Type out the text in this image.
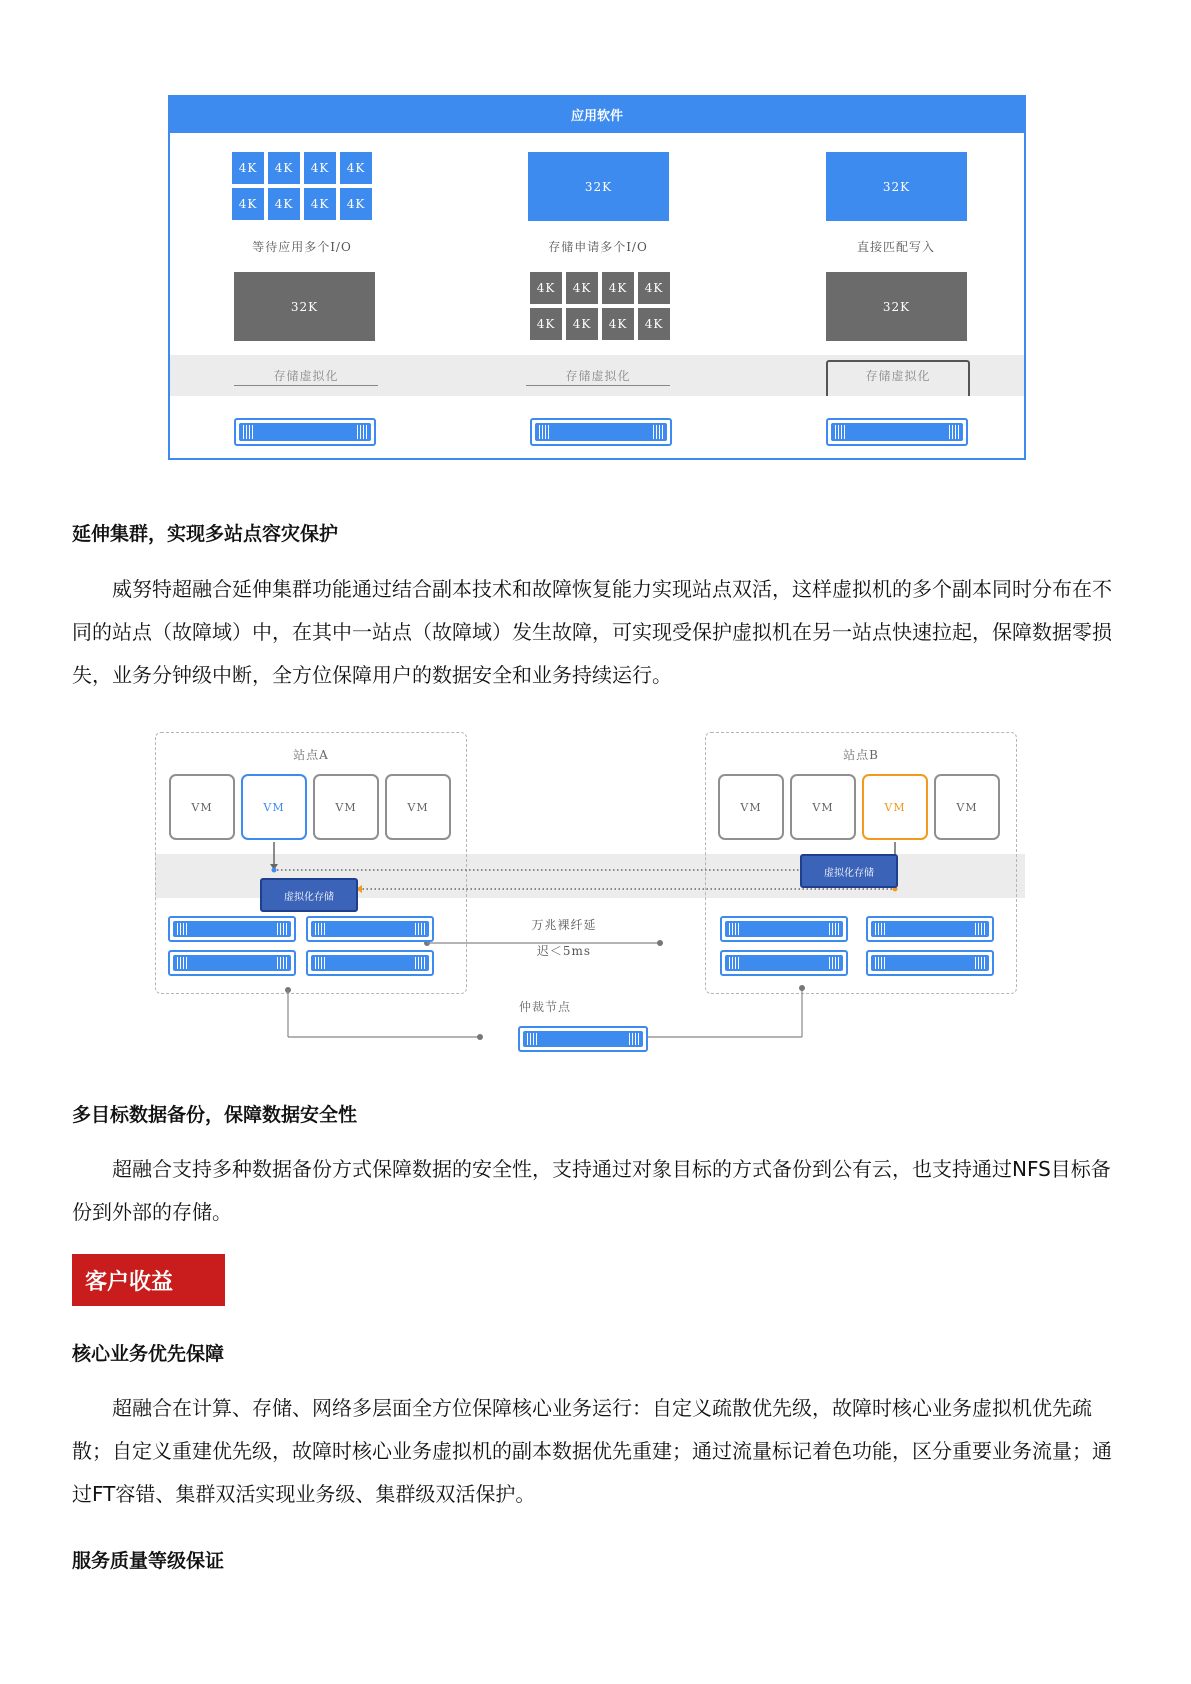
应用软件
4K	4K	4K	4K
4K	4K	4K	4K
32K	32K
等待应用多个I/O	存储申请多个I/O	直接匹配写入
32K
4K	4K	4K	4K
4K	4K	4K	4K
32K
存储虚拟化	存储虚拟化	存储虚拟化
延伸集群，实现多站点容灾保护
威努特超融合延伸集群功能通过结合副本技术和故障恢复能力实现站点双活，这样虚拟机的多个副本同时分布在不同的站点（故障域）中，在其中一站点（故障域）发生故障，可实现受保护虚拟机在另一站点快速拉起，保障数据零损失，业务分钟级中断，全方位保障用户的数据安全和业务持续运行。
站点A	站点B
VM	VM	VM	VM	VM	VM	VM	VM
虚拟化存储
虚拟化存储
万兆裸纤延
迟＜5ms
仲裁节点
多目标数据备份，保障数据安全性
超融合支持多种数据备份方式保障数据的安全性，支持通过对象目标的方式备份到公有云，也支持通过NFS目标备份到外部的存储。
客户收益
核心业务优先保障
超融合在计算、存储、网络多层面全方位保障核心业务运行：自定义疏散优先级，故障时核心业务虚拟机优先疏散；自定义重建优先级，故障时核心业务虚拟机的副本数据优先重建；通过流量标记着色功能，区分重要业务流量；通过FT容错、集群双活实现业务级、集群级双活保护。
服务质量等级保证
